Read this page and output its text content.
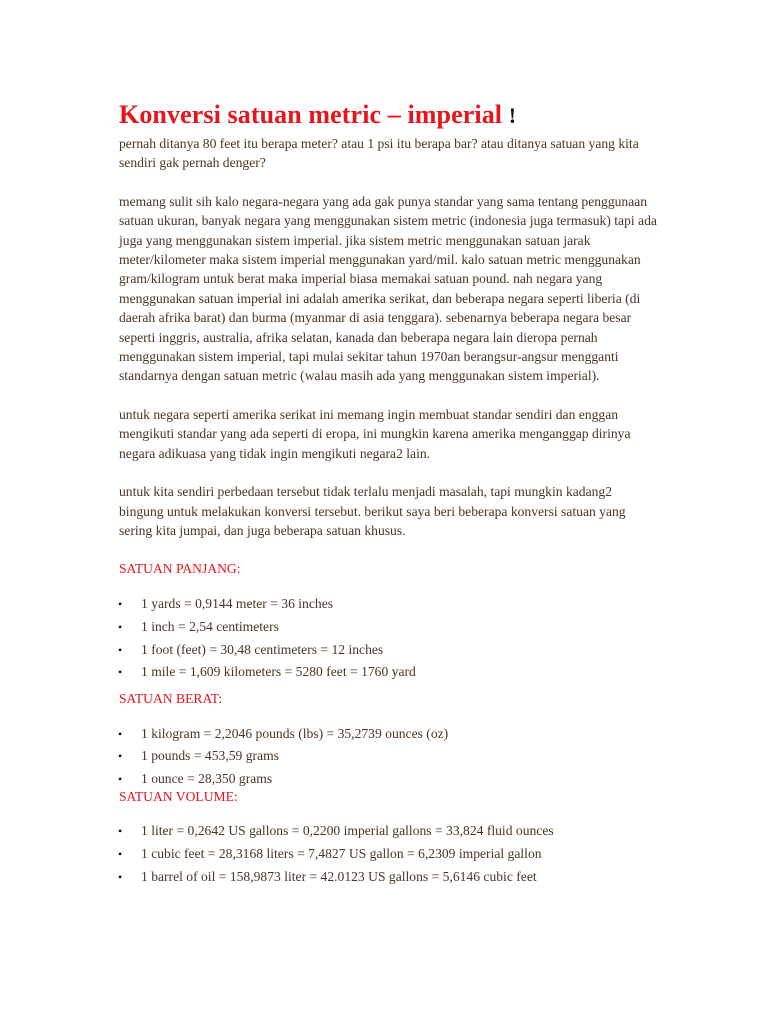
Konversi satuan metric – imperial !

pernah ditanya 80 feet itu berapa meter? atau 1 psi itu berapa bar? atau ditanya satuan yang kita sendiri gak pernah denger?

memang sulit sih kalo negara-negara yang ada gak punya standar yang sama tentang penggunaan satuan ukuran, banyak negara yang menggunakan sistem metric (indonesia juga termasuk) tapi ada juga yang menggunakan sistem imperial. jika sistem metric menggunakan satuan jarak meter/kilometer maka sistem imperial menggunakan yard/mil. kalo satuan metric menggunakan gram/kilogram untuk berat maka imperial biasa memakai satuan pound. nah negara yang menggunakan satuan imperial ini adalah amerika serikat, dan beberapa negara seperti liberia (di daerah afrika barat) dan burma (myanmar di asia tenggara). sebenarnya beberapa negara besar seperti inggris, australia, afrika selatan, kanada dan beberapa negara lain dieropa pernah menggunakan sistem imperial, tapi mulai sekitar tahun 1970an berangsur-angsur mengganti standarnya dengan satuan metric (walau masih ada yang menggunakan sistem imperial).

untuk negara seperti amerika serikat ini memang ingin membuat standar sendiri dan enggan mengikuti standar yang ada seperti di eropa, ini mungkin karena amerika menganggap dirinya negara adikuasa yang tidak ingin mengikuti negara2 lain.

untuk kita sendiri perbedaan tersebut tidak terlalu menjadi masalah, tapi mungkin kadang2 bingung untuk melakukan konversi tersebut. berikut saya beri beberapa konversi satuan yang sering kita jumpai, dan juga beberapa satuan khusus.

SATUAN PANJANG:
• 1 yards = 0,9144 meter = 36 inches
• 1 inch = 2,54 centimeters
• 1 foot (feet) = 30,48 centimeters = 12 inches
• 1 mile = 1,609 kilometers = 5280 feet = 1760 yard
SATUAN BERAT:
• 1 kilogram = 2,2046 pounds (lbs) = 35,2739 ounces (oz)
• 1 pounds = 453,59 grams
• 1 ounce = 28,350 grams
SATUAN VOLUME:
• 1 liter = 0,2642 US gallons = 0,2200 imperial gallons = 33,824 fluid ounces
• 1 cubic feet = 28,3168 liters = 7,4827 US gallon = 6,2309 imperial gallon
• 1 barrel of oil = 158,9873 liter = 42.0123 US gallons = 5,6146 cubic feet
